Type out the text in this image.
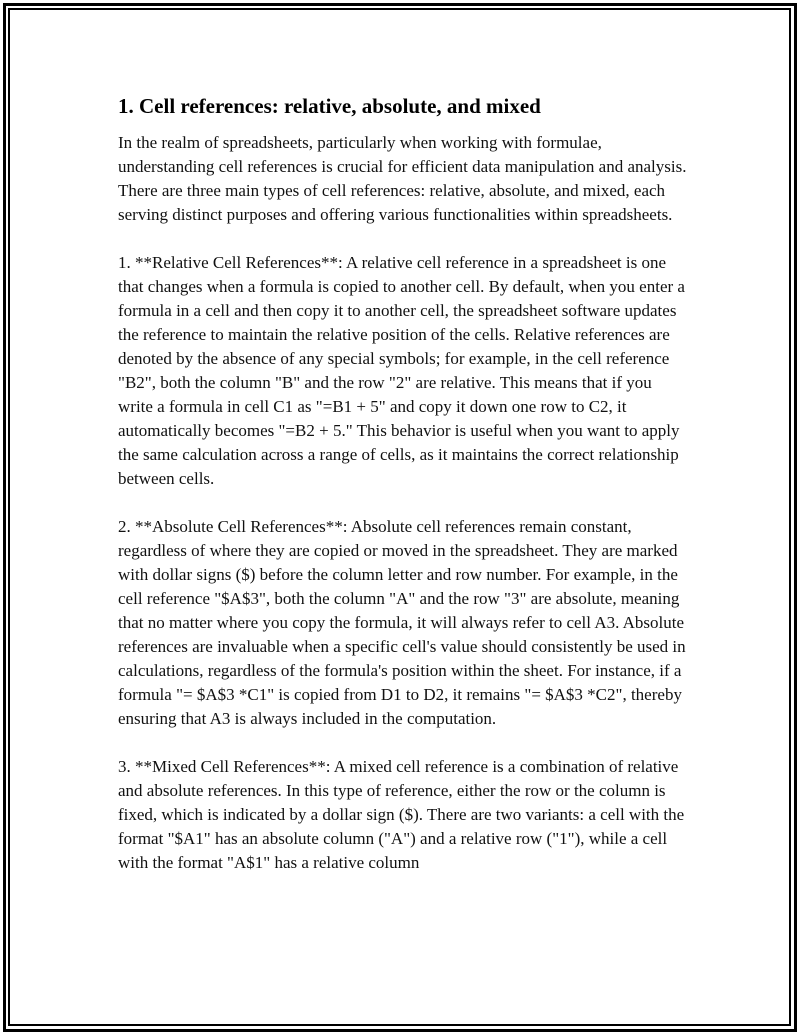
1. Cell references: relative, absolute, and mixed

In the realm of spreadsheets, particularly when working with formulae, understanding cell references is crucial for efficient data manipulation and analysis. There are three main types of cell references: relative, absolute, and mixed, each serving distinct purposes and offering various functionalities within spreadsheets.

1. **Relative Cell References**: A relative cell reference in a spreadsheet is one that changes when a formula is copied to another cell. By default, when you enter a formula in a cell and then copy it to another cell, the spreadsheet software updates the reference to maintain the relative position of the cells. Relative references are denoted by the absence of any special symbols; for example, in the cell reference "B2", both the column "B" and the row "2" are relative. This means that if you write a formula in cell C1 as "=B1 + 5" and copy it down one row to C2, it automatically becomes "=B2 + 5." This behavior is useful when you want to apply the same calculation across a range of cells, as it maintains the correct relationship between cells.

2. **Absolute Cell References**: Absolute cell references remain constant, regardless of where they are copied or moved in the spreadsheet. They are marked with dollar signs ($) before the column letter and row number. For example, in the cell reference "$A$3", both the column "A" and the row "3" are absolute, meaning that no matter where you copy the formula, it will always refer to cell A3. Absolute references are invaluable when a specific cell's value should consistently be used in calculations, regardless of the formula's position within the sheet. For instance, if a formula "= $A$3 *C1" is copied from D1 to D2, it remains "= $A$3 *C2", thereby ensuring that A3 is always included in the computation.

3. **Mixed Cell References**: A mixed cell reference is a combination of relative and absolute references. In this type of reference, either the row or the column is fixed, which is indicated by a dollar sign ($). There are two variants: a cell with the format "$A1" has an absolute column ("A") and a relative row ("1"), while a cell with the format "A$1" has a relative column
